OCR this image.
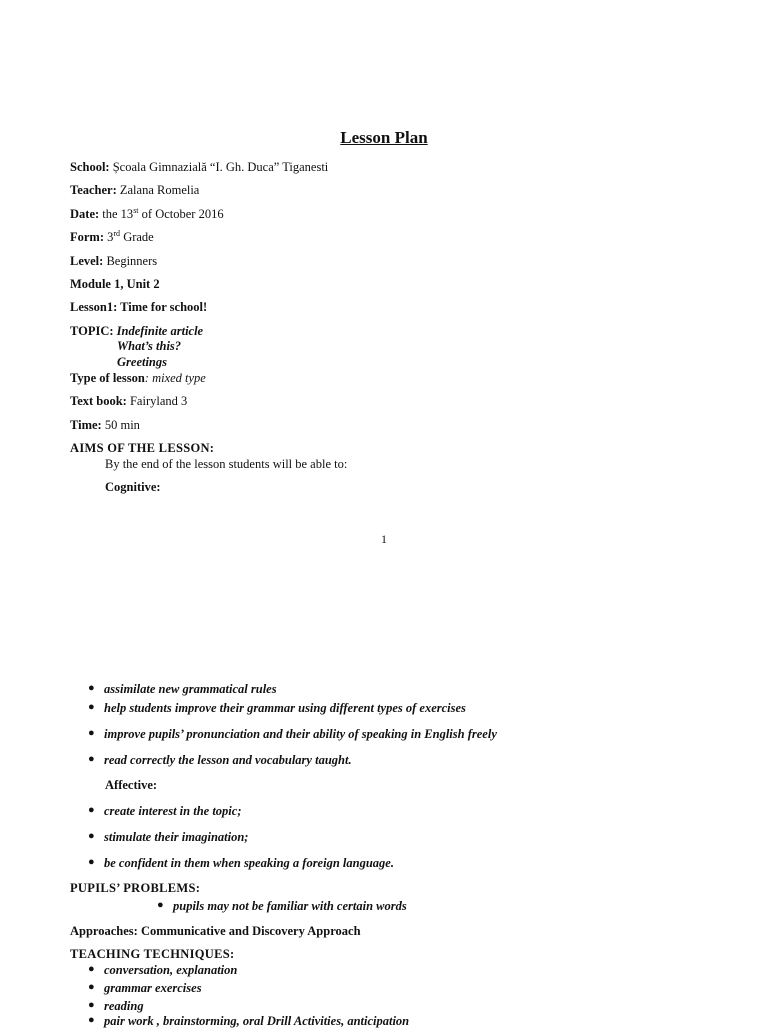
Lesson Plan
School: Școala Gimnazială “I. Gh. Duca” Tiganesti
Teacher: Zalana Romelia
Date: the 13st of October 2016
Form: 3rd Grade
Level: Beginners
Module 1, Unit 2
Lesson1: Time for school!
TOPIC: Indefinite article
What’s this?
Greetings
Type of lesson: mixed type
Text book: Fairyland 3
Time: 50 min
AIMS OF THE LESSON:
By the end of the lesson students will be able to:
Cognitive:
1
● assimilate new grammatical rules
● help students improve their grammar using different types of exercises
● improve pupils’ pronunciation and their ability of speaking in English freely
● read correctly the lesson and vocabulary taught.
Affective:
● create interest in the topic;
● stimulate their imagination;
● be confident in them when speaking a foreign language.
PUPILS’ PROBLEMS:
● pupils may not be familiar with certain words
Approaches: Communicative and Discovery Approach
TEACHING TECHNIQUES:
● conversation, explanation
● grammar exercises
● reading
● pair work , brainstorming, oral Drill Activities, anticipation
